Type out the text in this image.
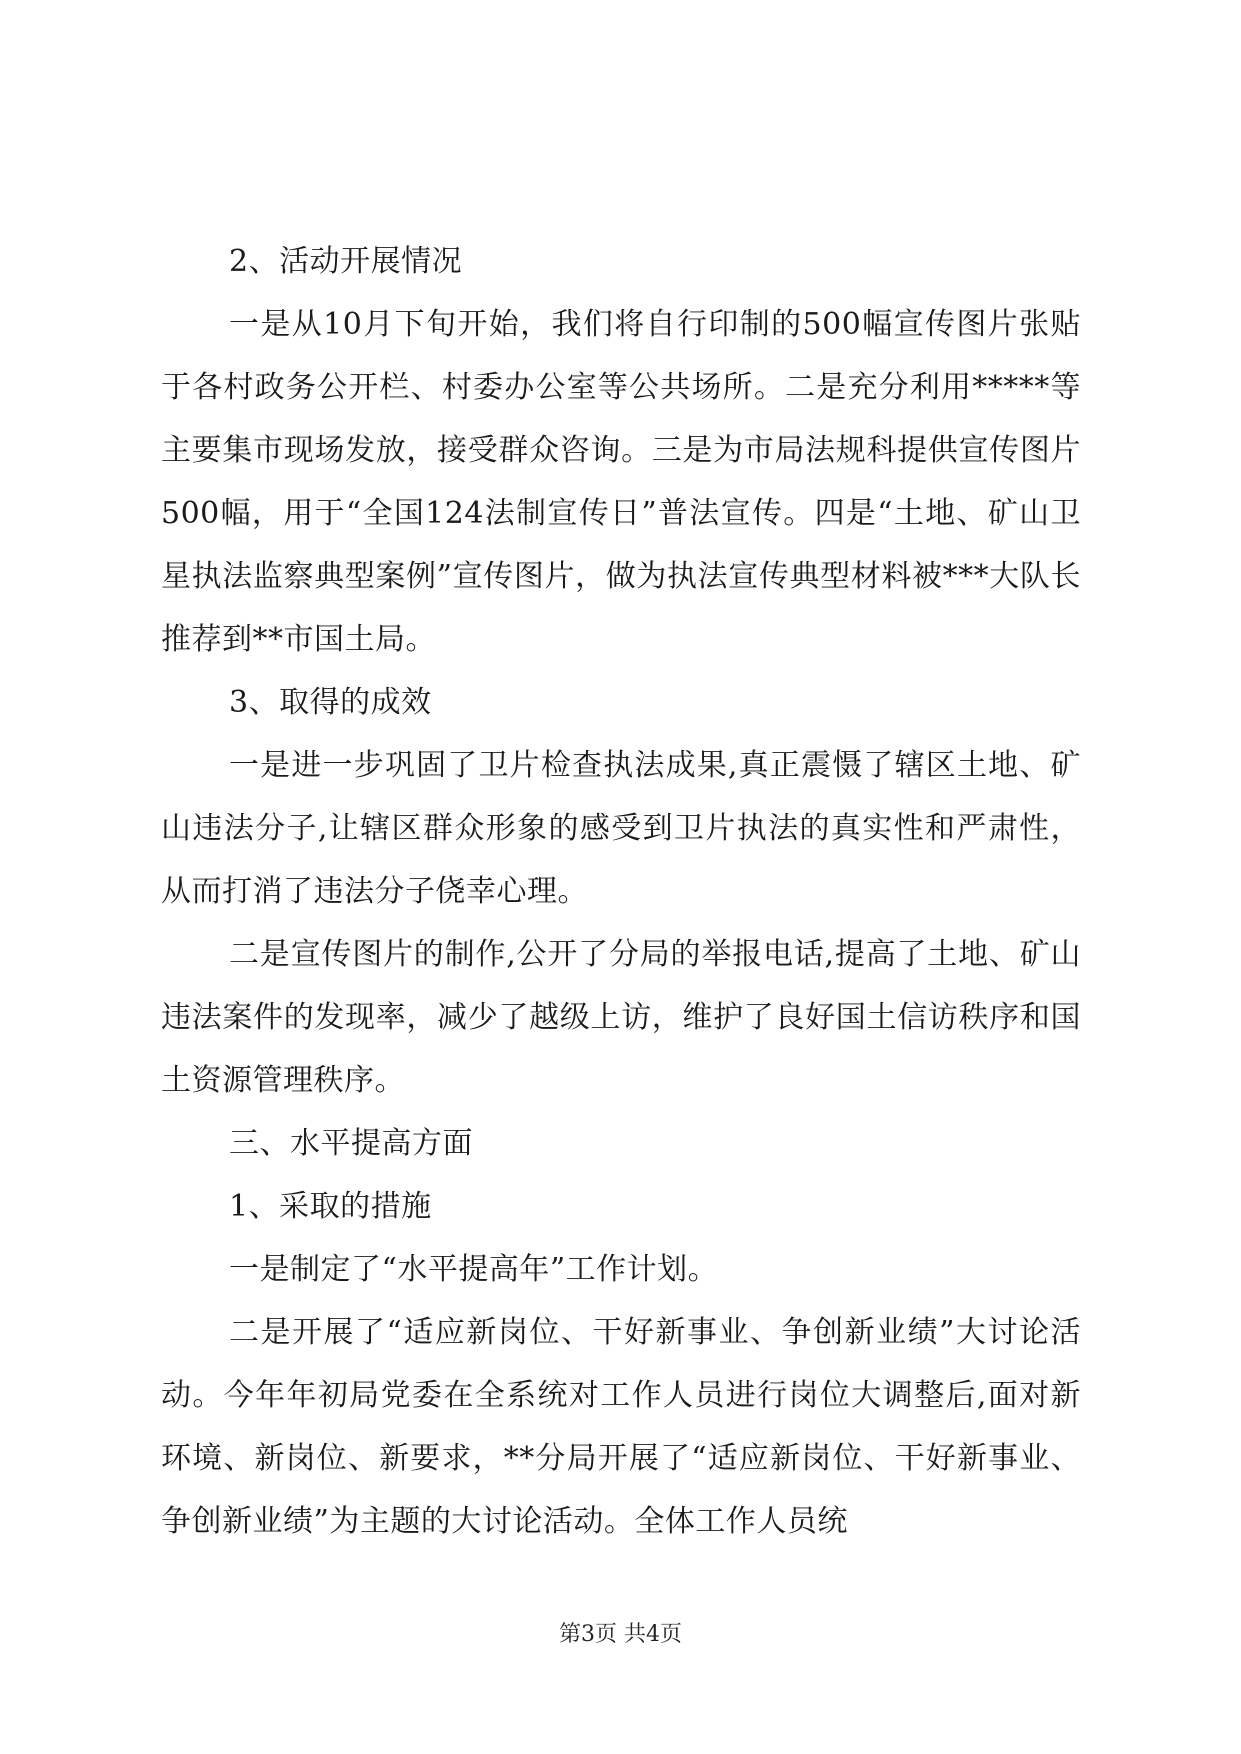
2、活动开展情况

一是从10月下旬开始，我们将自行印制的500幅宣传图片张贴于各村政务公开栏、村委办公室等公共场所。二是充分利用*****等主要集市现场发放，接受群众咨询。三是为市局法规科提供宣传图片500幅，用于“全国124法制宣传日”普法宣传。四是“土地、矿山卫星执法监察典型案例”宣传图片，做为执法宣传典型材料被***大队长推荐到**市国土局。

3、取得的成效

一是进一步巩固了卫片检查执法成果,真正震慑了辖区土地、矿山违法分子,让辖区群众形象的感受到卫片执法的真实性和严肃性，从而打消了违法分子侥幸心理。

二是宣传图片的制作,公开了分局的举报电话,提高了土地、矿山违法案件的发现率，减少了越级上访，维护了良好国土信访秩序和国土资源管理秩序。

三、水平提高方面

1、采取的措施

一是制定了“水平提高年”工作计划。

二是开展了“适应新岗位、干好新事业、争创新业绩”大讨论活动。今年年初局党委在全系统对工作人员进行岗位大调整后,面对新环境、新岗位、新要求，**分局开展了“适应新岗位、干好新事业、争创新业绩”为主题的大讨论活动。全体工作人员统

第3页 共4页
